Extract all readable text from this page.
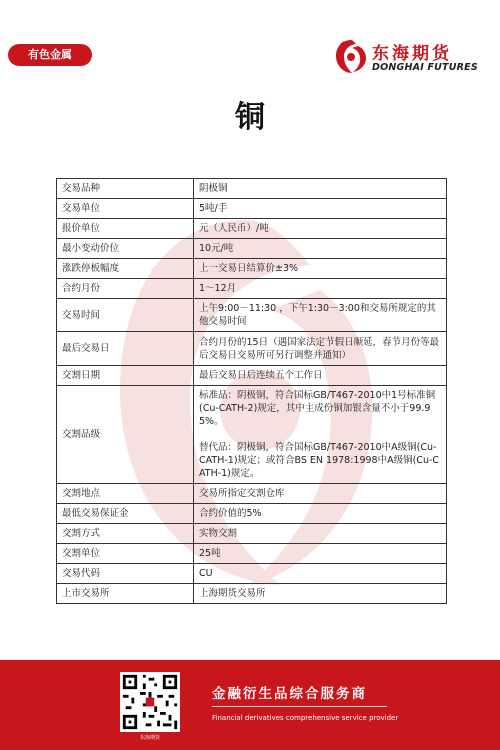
有色金属	东海期货
DONGHAI FUTURES
铜
交易品种	阴极铜

交易单位	5吨/手

报价单位	元（人民币）/吨

最小变动价位	10元/吨

涨跌停板幅度	上一交易日结算价±3%

合约月份	1～12月

交易时间	上午9:00－11:30 ，下午1:30－3:00和交易所规定的其他交易时间

最后交易日	合约月份的15日（遇国家法定节假日顺延，春节月份等最后交易日交易所可另行调整并通知）

交割日期	最后交易日后连续五个工作日

交割品级	标准品：阴极铜，符合国标GB/T467-2010中1号标准铜(Cu-CATH-2)规定，其中主成份铜加银含量不小于99.95%。
替代品：阴极铜，符合国标GB/T467-2010中A级铜(Cu-CATH-1)规定；或符合BS EN 1978:1998中A级铜(Cu-CATH-1)规定。

交割地点	交易所指定交割仓库

最低交易保证金	合约价值的5%

交割方式	实物交割

交割单位	25吨

交易代码	CU

上市交易所	上海期货交易所
东海期货
金融衍生品综合服务商
Financial derivatives comprehensive service provider
